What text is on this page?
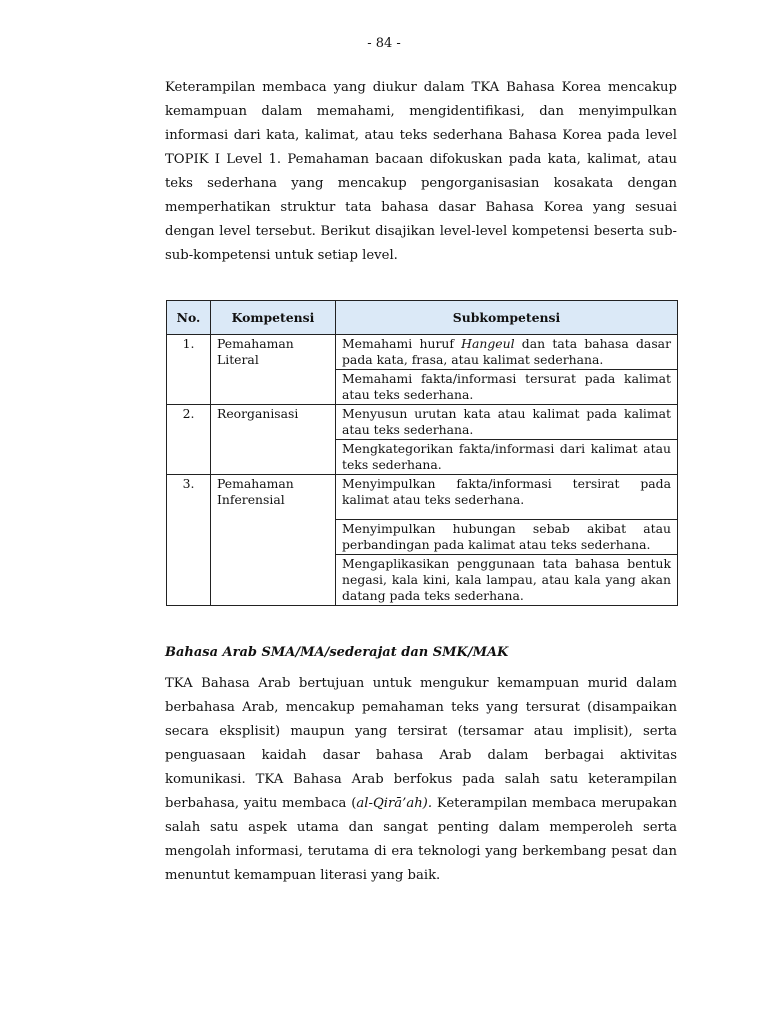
- 84 -

Keterampilan membaca yang diukur dalam TKA Bahasa Korea mencakup kemampuan dalam memahami, mengidentifikasi, dan menyimpulkan informasi dari kata, kalimat, atau teks sederhana Bahasa Korea pada level TOPIK I Level 1. Pemahaman bacaan difokuskan pada kata, kalimat, atau teks sederhana yang mencakup pengorganisasian kosakata dengan memperhatikan struktur tata bahasa dasar Bahasa Korea yang sesuai dengan level tersebut. Berikut disajikan level-level kompetensi beserta sub-sub-kompetensi untuk setiap level.

No.	Kompetensi	Subkompetensi
1.	Pemahaman Literal	Memahami huruf Hangeul dan tata bahasa dasar pada kata, frasa, atau kalimat sederhana.
		Memahami fakta/informasi tersurat pada kalimat atau teks sederhana.
2.	Reorganisasi	Menyusun urutan kata atau kalimat pada kalimat atau teks sederhana.
		Mengkategorikan fakta/informasi dari kalimat atau teks sederhana.
3.	Pemahaman Inferensial	Menyimpulkan fakta/informasi tersirat pada kalimat atau teks sederhana.
		Menyimpulkan hubungan sebab akibat atau perbandingan pada kalimat atau teks sederhana.
		Mengaplikasikan penggunaan tata bahasa bentuk negasi, kala kini, kala lampau, atau kala yang akan datang pada teks sederhana.
Bahasa Arab SMA/MA/sederajat dan SMK/MAK

TKA Bahasa Arab bertujuan untuk mengukur kemampuan murid dalam berbahasa Arab, mencakup pemahaman teks yang tersurat (disampaikan secara eksplisit) maupun yang tersirat (tersamar atau implisit), serta penguasaan kaidah dasar bahasa Arab dalam berbagai aktivitas komunikasi. TKA Bahasa Arab berfokus pada salah satu keterampilan berbahasa, yaitu membaca (al-Qirā’ah). Keterampilan membaca merupakan salah satu aspek utama dan sangat penting dalam memperoleh serta mengolah informasi, terutama di era teknologi yang berkembang pesat dan menuntut kemampuan literasi yang baik.
